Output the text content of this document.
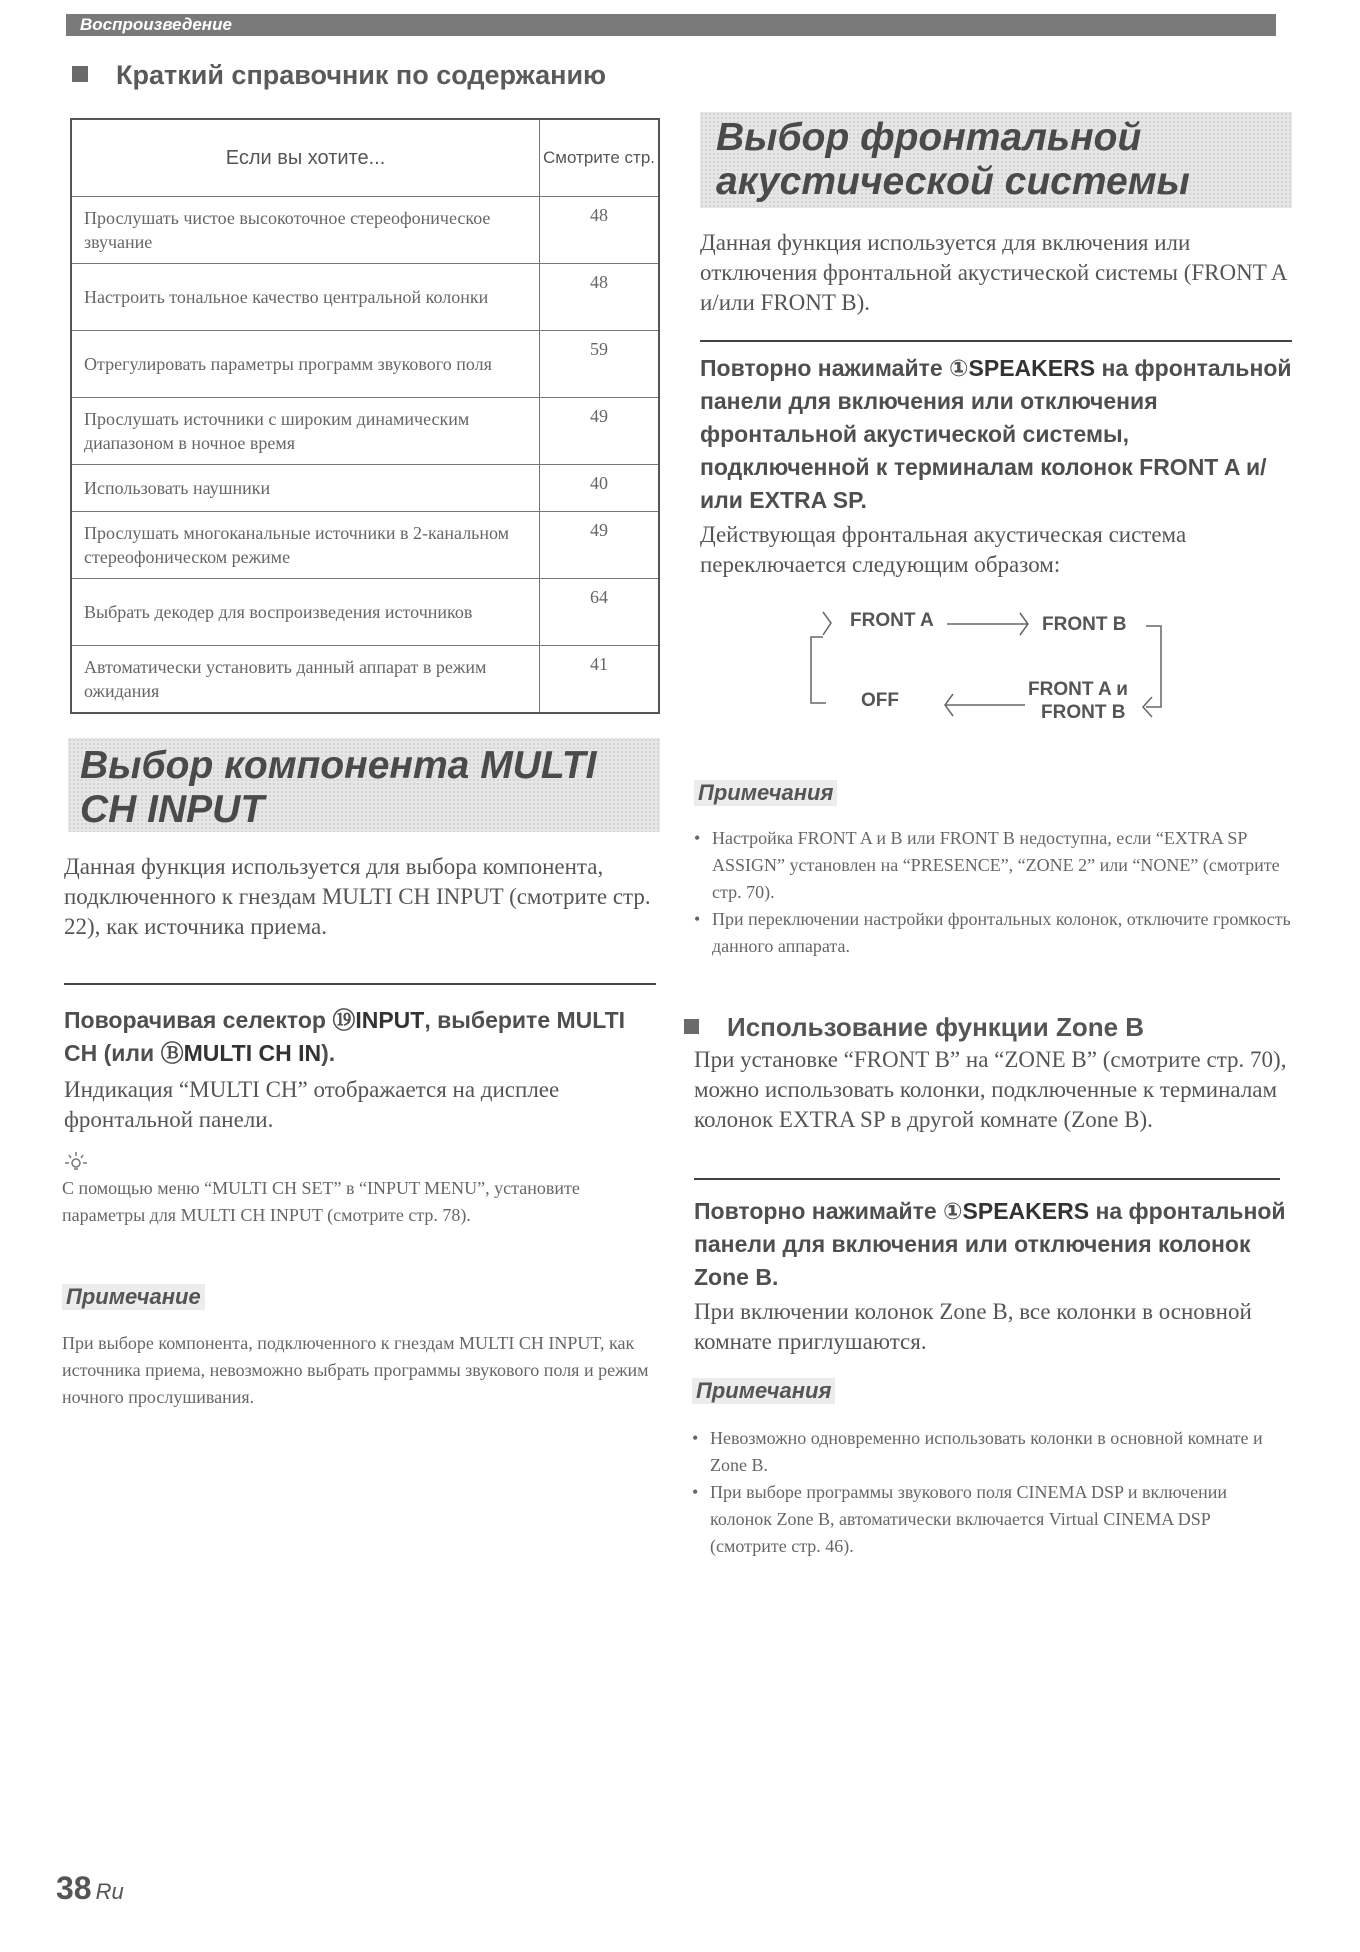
Воспроизведение
Краткий справочник по содержанию
Если вы хотите...	Смотрите стр.
Прослушать чистое высокоточное стереофоническое звучание	48
Настроить тональное качество центральной колонки	48
Отрегулировать параметры программ звукового поля	59
Прослушать источники с широким динамическим диапазоном в ночное время	49
Использовать наушники	40
Прослушать многоканальные источники в 2-канальном стереофоническом режиме	49
Выбрать декодер для воспроизведения источников	64
Автоматически установить данный аппарат в режим ожидания	41
Выбор компонента MULTI
CH INPUT
Данная функция используется для выбора компонента, подключенного к гнездам MULTI CH INPUT (смотрите стр. 22), как источника приема.
Поворачивая селектор ⑲INPUT, выберите MULTI CH (или ⒷMULTI CH IN).
Индикация “MULTI CH” отображается на дисплее фронтальной панели.
С помощью меню “MULTI CH SET” в “INPUT MENU”, установите параметры для MULTI CH INPUT (смотрите стр. 78).
Примечание
При выборе компонента, подключенного к гнездам MULTI CH INPUT, как источника приема, невозможно выбрать программы звукового поля и режим ночного прослушивания.
Выбор фронтальной
акустической системы
Данная функция используется для включения или отключения фронтальной акустической системы (FRONT A и/или FRONT B).
Повторно нажимайте ①SPEAKERS на фронтальной панели для включения или отключения фронтальной акустической системы, подключенной к терминалам колонок FRONT A и/или EXTRA SP.
Действующая фронтальная акустическая система переключается следующим образом:
FRONT A	FRONT B
FRONT A и
FRONT B
OFF
Примечания
• Настройка FRONT A и B или FRONT B недоступна, если “EXTRA SP ASSIGN” установлен на “PRESENCE”, “ZONE 2” или “NONE” (смотрите стр. 70).
• При переключении настройки фронтальных колонок, отключите громкость данного аппарата.
Использование функции Zone B
При установке “FRONT B” на “ZONE B” (смотрите стр. 70), можно использовать колонки, подключенные к терминалам колонок EXTRA SP в другой комнате (Zone B).
Повторно нажимайте ①SPEAKERS на фронтальной панели для включения или отключения колонок Zone B.
При включении колонок Zone B, все колонки в основной комнате приглушаются.
Примечания
• Невозможно одновременно использовать колонки в основной комнате и Zone B.
• При выборе программы звукового поля CINEMA DSP и включении колонок Zone B, автоматически включается Virtual CINEMA DSP (смотрите стр. 46).
38 Ru
